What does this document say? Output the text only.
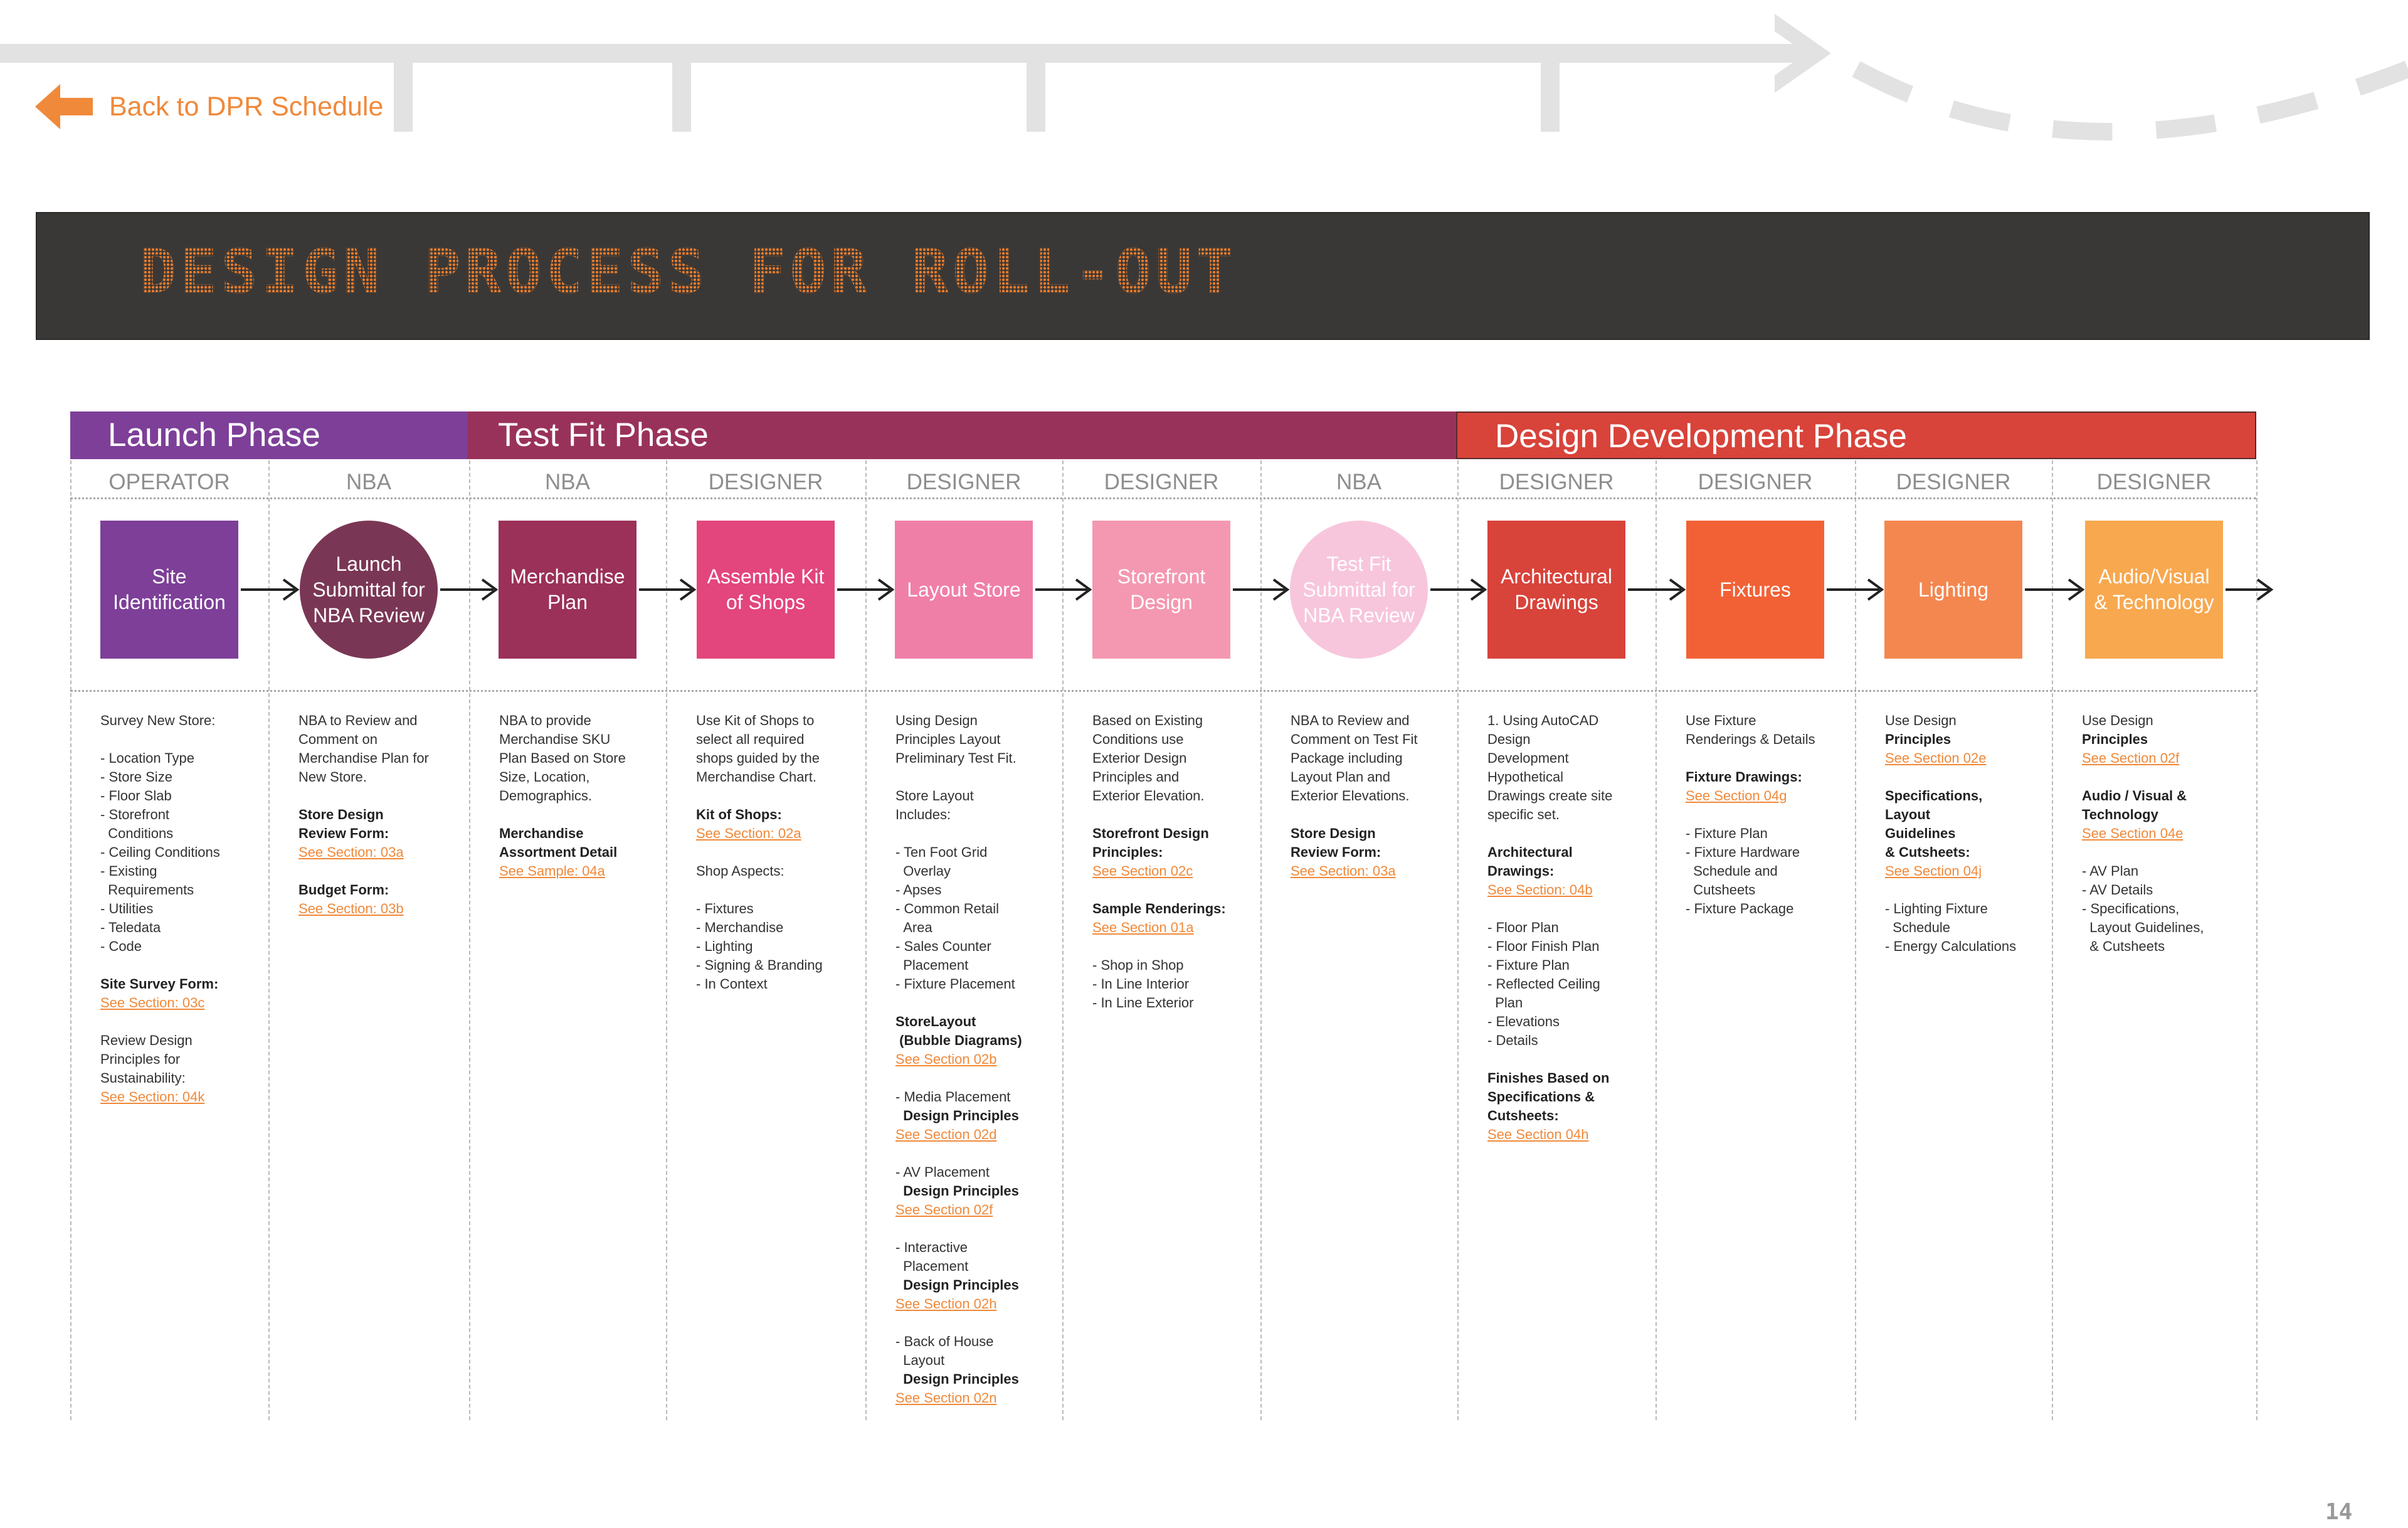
Back to DPR Schedule
DESIGN PROCESS FOR ROLL-OUT
Launch Phase	Test Fit Phase	Design Development Phase
OPERATOR
Site Identification
Survey New Store:

- Location Type
- Store Size
- Floor Slab
- Storefront
Conditions
- Ceiling Conditions
- Existing
Requirements
- Utilities
- Teledata
- Code

Site Survey Form:
See Section: 03c

Review Design
Principles for
Sustainability:
See Section: 04k
NBA
Launch Submittal for NBA Review
NBA to Review and
Comment on
Merchandise Plan for
New Store.

Store Design
Review Form:
See Section: 03a

Budget Form:
See Section: 03b
NBA
Merchandise Plan
NBA to provide
Merchandise SKU
Plan Based on Store
Size, Location,
Demographics.

Merchandise
Assortment Detail
See Sample: 04a
DESIGNER
Assemble Kit of Shops
Use Kit of Shops to
select all required
shops guided by the
Merchandise Chart.

Kit of Shops:
See Section: 02a

Shop Aspects:

- Fixtures
- Merchandise
- Lighting
- Signing & Branding
- In Context
DESIGNER
Layout Store
Using Design
Principles Layout
Preliminary Test Fit.

Store Layout
Includes:

- Ten Foot Grid
Overlay
- Apses
- Common Retail
Area
- Sales Counter
Placement
- Fixture Placement

StoreLayout
(Bubble Diagrams)
See Section 02b

- Media Placement
Design Principles
See Section 02d

- AV Placement
Design Principles
See Section 02f

- Interactive
Placement
Design Principles
See Section 02h

- Back of House
Layout
Design Principles
See Section 02n
DESIGNER
Storefront Design
Based on Existing
Conditions use
Exterior Design
Principles and
Exterior Elevation.

Storefront Design
Principles:
See Section 02c

Sample Renderings:
See Section 01a

- Shop in Shop
- In Line Interior
- In Line Exterior
NBA
Test Fit Submittal for NBA Review
NBA to Review and
Comment on Test Fit
Package including
Layout Plan and
Exterior Elevations.

Store Design
Review Form:
See Section: 03a
DESIGNER
Architectural Drawings
1. Using AutoCAD
Design
Development
Hypothetical
Drawings create site
specific set.

Architectural
Drawings:
See Section: 04b

- Floor Plan
- Floor Finish Plan
- Fixture Plan
- Reflected Ceiling
Plan
- Elevations
- Details

Finishes Based on
Specifications &
Cutsheets:
See Section 04h
DESIGNER
Fixtures
Use Fixture
Renderings & Details

Fixture Drawings:
See Section 04g

- Fixture Plan
- Fixture Hardware
Schedule and
Cutsheets
- Fixture Package
DESIGNER
Lighting
Use Design
Principles
See Section 02e

Specifications,
Layout
Guidelines
& Cutsheets:
See Section 04j

- Lighting Fixture
Schedule
- Energy Calculations
DESIGNER
Audio/Visual & Technology
Use Design
Principles
See Section 02f

Audio / Visual &
Technology
See Section 04e

- AV Plan
- AV Details
- Specifications,
Layout Guidelines,
& Cutsheets
14
